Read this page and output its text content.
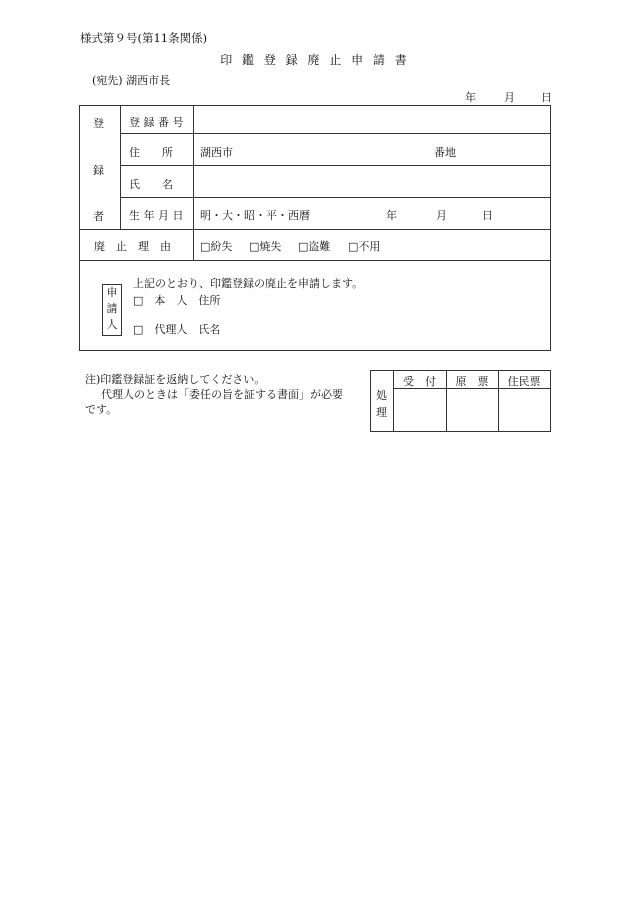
様式第９号(第11条関係)
印 鑑 登 録 廃 止 申 請 書
(宛先) 湖西市長
年	月 日
登
録
者
登 録 番 号
住　　所 湖西市	番地
氏　　名
生 年 月 日 明・大・昭・平・西暦	年	月	日
廃　止　理　由	□紛失 □焼失 □盗難 □不用
申
請
人
上記のとおり、印鑑登録の廃止を申請します。
□　本　人　住所
□　代理人　氏名
注)印鑑登録証を返納してください。
代理人のときは「委任の旨を証する書面」が必要
です。
処
理
受　付	原　票	住民票
